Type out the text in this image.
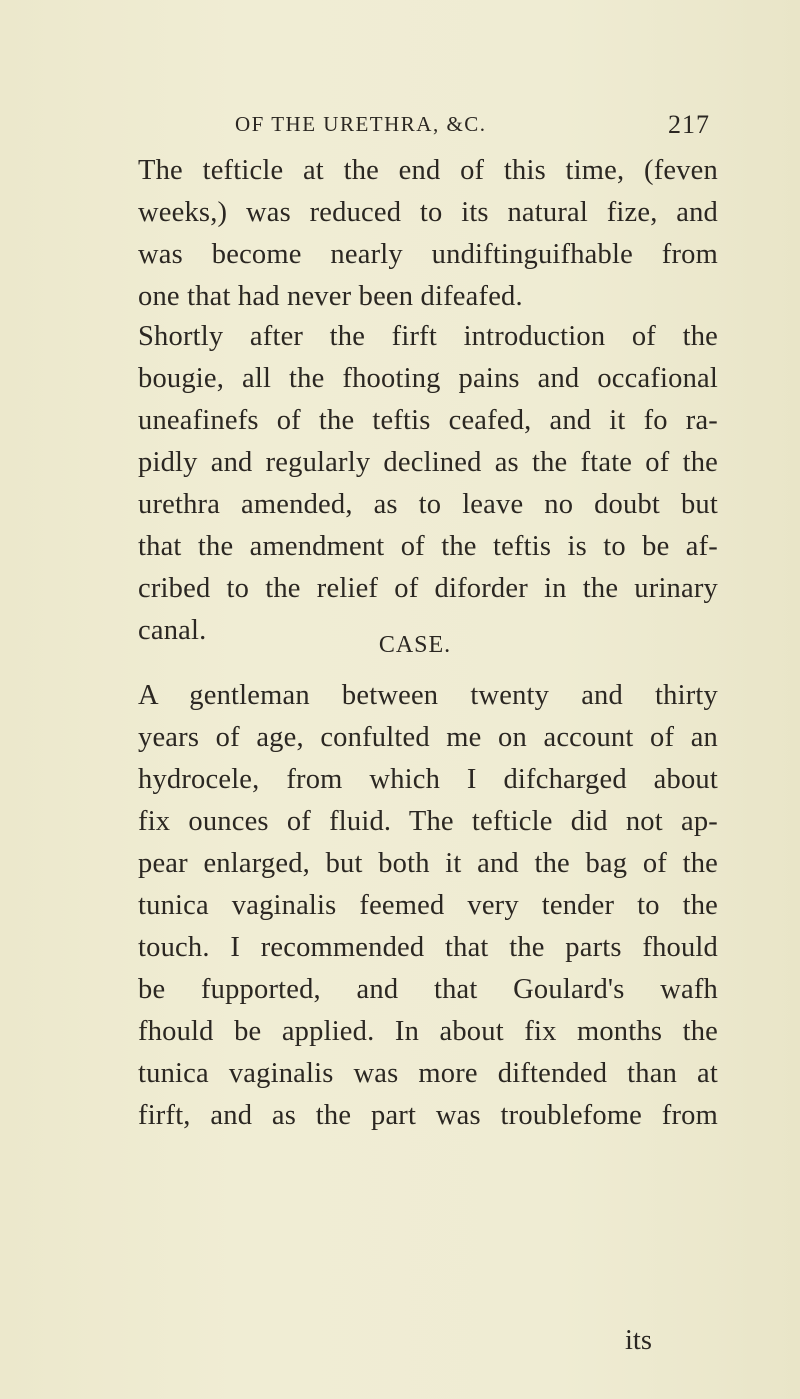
OF THE URETHRA, &C.	217
The tefticle at the end of this time, (feven
weeks,) was reduced to its natural fize, and
was become nearly undiftinguifhable from
one that had never been difeafed.
Shortly after the firft introduction of the
bougie, all the fhooting pains and occafional
uneafinefs of the teftis ceafed, and it fo ra-
pidly and regularly declined as the ftate of the
urethra amended, as to leave no doubt but
that the amendment of the teftis is to be af-
cribed to the relief of diforder in the urinary
canal.	CASE.
A gentleman between twenty and thirty
years of age, confulted me on account of an
hydrocele, from which I difcharged about
fix ounces of fluid. The tefticle did not ap-
pear enlarged, but both it and the bag of the
tunica vaginalis feemed very tender to the
touch. I recommended that the parts fhould
be fupported, and that Goulard's wafh
fhould be applied. In about fix months the
tunica vaginalis was more diftended than at
firft, and as the part was troublefome from
its
